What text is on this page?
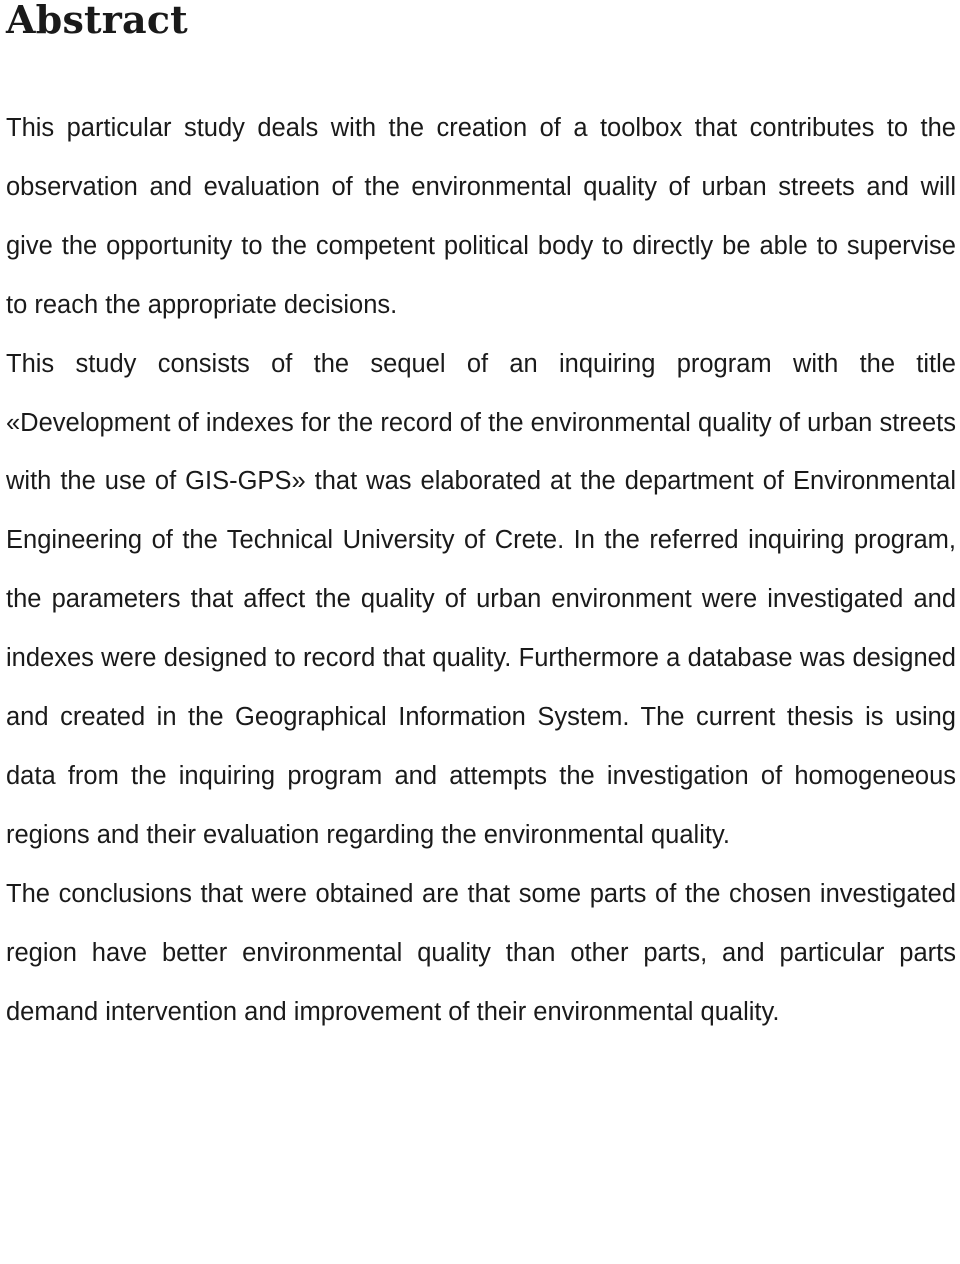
Abstract

This particular study deals with the creation of a toolbox that contributes to the observation and evaluation of the environmental quality of urban streets and will give the opportunity to the competent political body to directly be able to supervise to reach the appropriate decisions.

This study consists of the sequel of an inquiring program with the title «Development of indexes for the record of the environmental quality of urban streets with the use of GIS-GPS» that was elaborated at the department of Environmental Engineering of the Technical University of Crete. In the referred inquiring program, the parameters that affect the quality of urban environment were investigated and indexes were designed to record that quality. Furthermore a database was designed and created in the Geographical Information System. The current thesis is using data from the inquiring program and attempts the investigation of homogeneous regions and their evaluation regarding the environmental quality.

The conclusions that were obtained are that some parts of the chosen investigated region have better environmental quality than other parts, and particular parts demand intervention and improvement of their environmental quality.
